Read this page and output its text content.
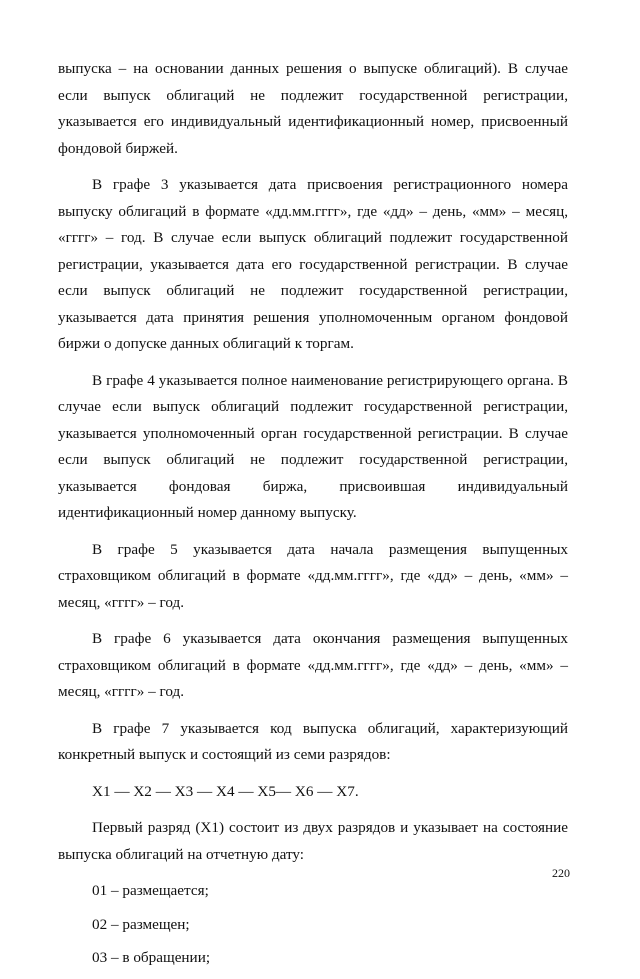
выпуска – на основании данных решения о выпуске облигаций). В случае если выпуск облигаций не подлежит государственной регистрации, указывается его индивидуальный идентификационный номер, присвоенный фондовой биржей.

В графе 3 указывается дата присвоения регистрационного номера выпуску облигаций в формате «дд.мм.гггг», где «дд» – день, «мм» – месяц, «гггг» – год. В случае если выпуск облигаций подлежит государственной регистрации, указывается дата его государственной регистрации. В случае если выпуск облигаций не подлежит государственной регистрации, указывается дата принятия решения уполномоченным органом фондовой биржи о допуске данных облигаций к торгам.

В графе 4 указывается полное наименование регистрирующего органа. В случае если выпуск облигаций подлежит государственной регистрации, указывается уполномоченный орган государственной регистрации. В случае если выпуск облигаций не подлежит государственной регистрации, указывается фондовая биржа, присвоившая индивидуальный идентификационный номер данному выпуску.

В графе 5 указывается дата начала размещения выпущенных страховщиком облигаций в формате «дд.мм.гггг», где «дд» – день, «мм» – месяц, «гггг» – год.

В графе 6 указывается дата окончания размещения выпущенных страховщиком облигаций в формате «дд.мм.гггг», где «дд» – день, «мм» – месяц, «гггг» – год.

В графе 7 указывается код выпуска облигаций, характеризующий конкретный выпуск и состоящий из семи разрядов:

X1 — X2 — X3 — X4 — X5— X6 — X7.

Первый разряд (X1) состоит из двух разрядов и указывает на состояние выпуска облигаций на отчетную дату:

01 – размещается;

02 – размещен;

03 – в обращении;

220
